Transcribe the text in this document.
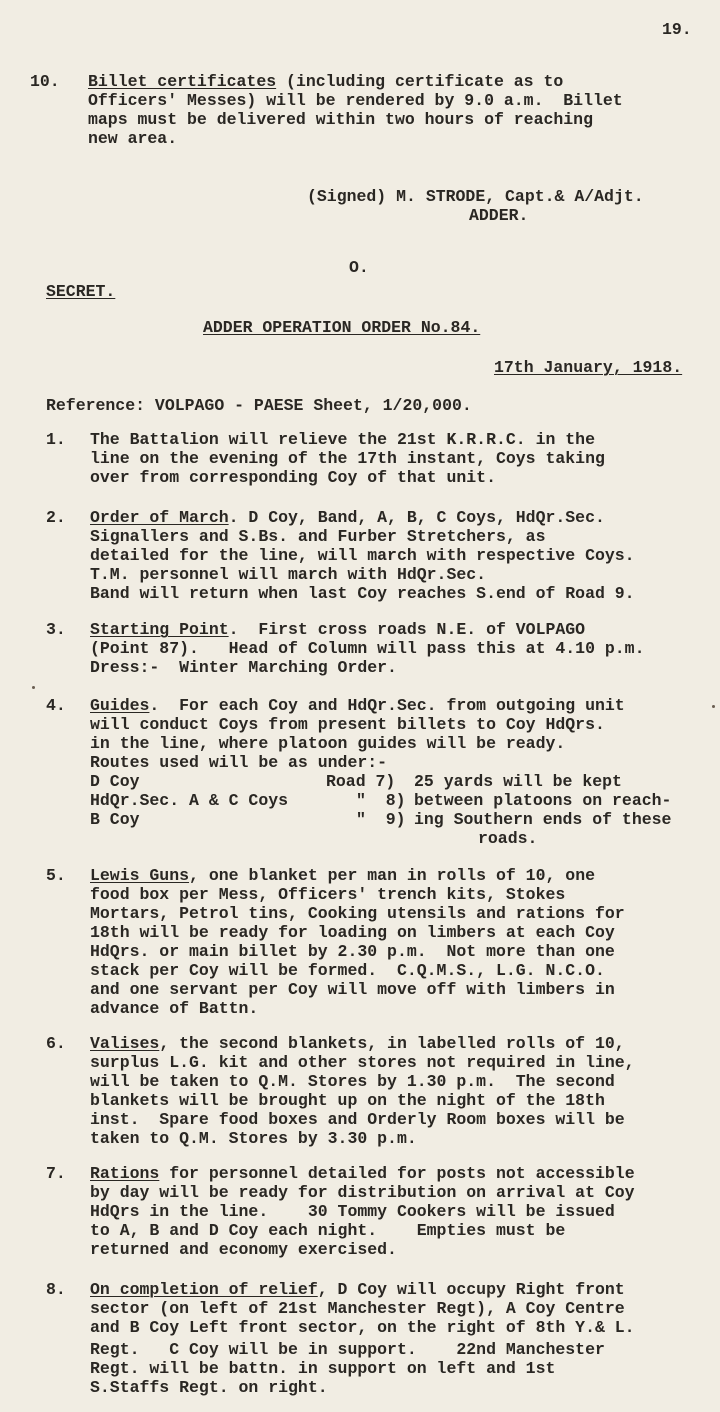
19.
10. Billet certificates (including certificate as to
Officers' Messes) will be rendered by 9.0 a.m.  Billet
maps must be delivered within two hours of reaching
new area.
(Signed) M. STRODE, Capt.& A/Adjt.
ADDER.
O.
SECRET.
ADDER OPERATION ORDER No.84.
17th January, 1918.
Reference: VOLPAGO - PAESE Sheet, 1/20,000.
1. The Battalion will relieve the 21st K.R.R.C. in the
line on the evening of the 17th instant, Coys taking
over from corresponding Coy of that unit.
2. Order of March. D Coy, Band, A, B, C Coys, HdQr.Sec.
Signallers and S.Bs. and Furber Stretchers, as
detailed for the line, will march with respective Coys.
T.M. personnel will march with HdQr.Sec.
Band will return when last Coy reaches S.end of Road 9.
3. Starting Point.  First cross roads N.E. of VOLPAGO
(Point 87).   Head of Column will pass this at 4.10 p.m.
Dress:-  Winter Marching Order.
4. Guides.  For each Coy and HdQr.Sec. from outgoing unit
will conduct Coys from present billets to Coy HdQrs.
in the line, where platoon guides will be ready.
Routes used will be as under:-
D Coy	Road 7) 25 yards will be kept
HdQr.Sec. A & C Coys	"  8) between platoons on reach-
B Coy	"  9) ing Southern ends of these
roads.
5. Lewis Guns, one blanket per man in rolls of 10, one
food box per Mess, Officers' trench kits, Stokes
Mortars, Petrol tins, Cooking utensils and rations for
18th will be ready for loading on limbers at each Coy
HdQrs. or main billet by 2.30 p.m.  Not more than one
stack per Coy will be formed.  C.Q.M.S., L.G. N.C.O.
and one servant per Coy will move off with limbers in
advance of Battn.
6. Valises, the second blankets, in labelled rolls of 10,
surplus L.G. kit and other stores not required in line,
will be taken to Q.M. Stores by 1.30 p.m.  The second
blankets will be brought up on the night of the 18th
inst.  Spare food boxes and Orderly Room boxes will be
taken to Q.M. Stores by 3.30 p.m.
7. Rations for personnel detailed for posts not accessible
by day will be ready for distribution on arrival at Coy
HdQrs in the line.    30 Tommy Cookers will be issued
to A, B and D Coy each night.    Empties must be
returned and economy exercised.
8. On completion of relief, D Coy will occupy Right front
sector (on left of 21st Manchester Regt), A Coy Centre
and B Coy Left front sector, on the right of 8th Y.& L.
Regt.   C Coy will be in support.    22nd Manchester
Regt. will be battn. in support on left and 1st
S.Staffs Regt. on right.
